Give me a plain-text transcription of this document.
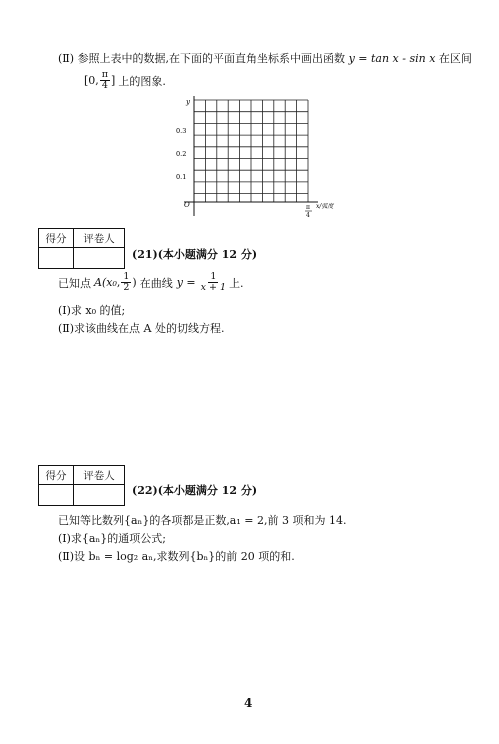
(Ⅱ) 参照上表中的数据,在下面的平面直角坐标系中画出函数 y = tan x - sin x 在区间
[0, $\frac{\pi}{4}$ ] 上的图象.
y
0.3
0.2
0.1
O	π
4
x/弧度
得分	评卷人

(21)(本小题满分 12 分)
已知点 A( x₀ , $\frac{1}{2}$ ) 在曲线 $y = \frac{1}{x + 1}$ 上.
(Ⅰ)求 x₀ 的值;
(Ⅱ)求该曲线在点 A 处的切线方程.
得分	评卷人

(22)(本小题满分 12 分)
已知等比数列{aₙ}的各项都是正数,a₁ = 2,前 3 项和为 14.
(Ⅰ)求{aₙ}的通项公式;
(Ⅱ)设 bₙ = log₂ aₙ,求数列{bₙ}的前 20 项的和.
4
